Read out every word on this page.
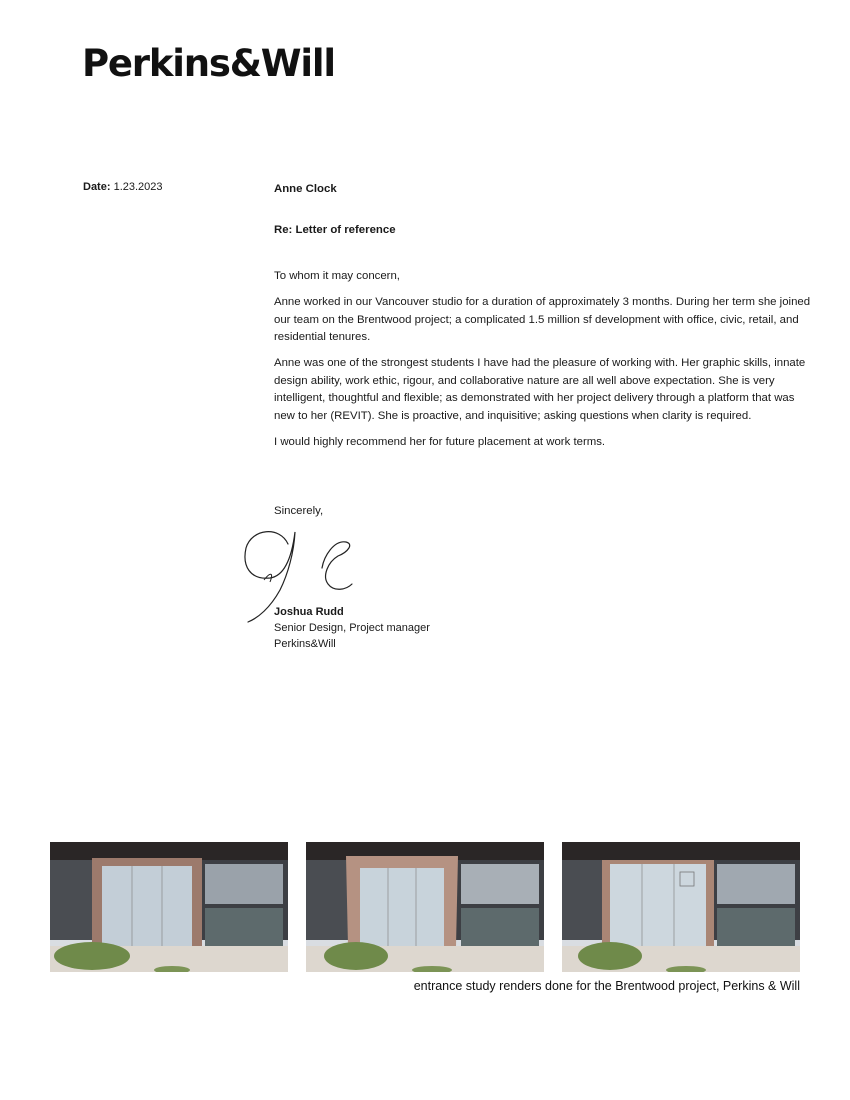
Perkins&Will
Date: 1.23.2023	Anne Clock
Re: Letter of reference
To whom it may concern,

Anne worked in our Vancouver studio for a duration of approximately 3 months. During her term she joined our team on the Brentwood project; a complicated 1.5 million sf development with office, civic, retail, and residential tenures.

Anne was one of the strongest students I have had the pleasure of working with. Her graphic skills, innate design ability, work ethic, rigour, and collaborative nature are all well above expectation. She is very intelligent, thoughtful and flexible; as demonstrated with her project delivery through a platform that was new to her (REVIT). She is proactive, and inquisitive; asking questions when clarity is required.

I would highly recommend her for future placement at work terms.

Sincerely,
Joshua Rudd
Senior Design, Project manager
Perkins&Will
entrance study renders done for the Brentwood project, Perkins & Will
